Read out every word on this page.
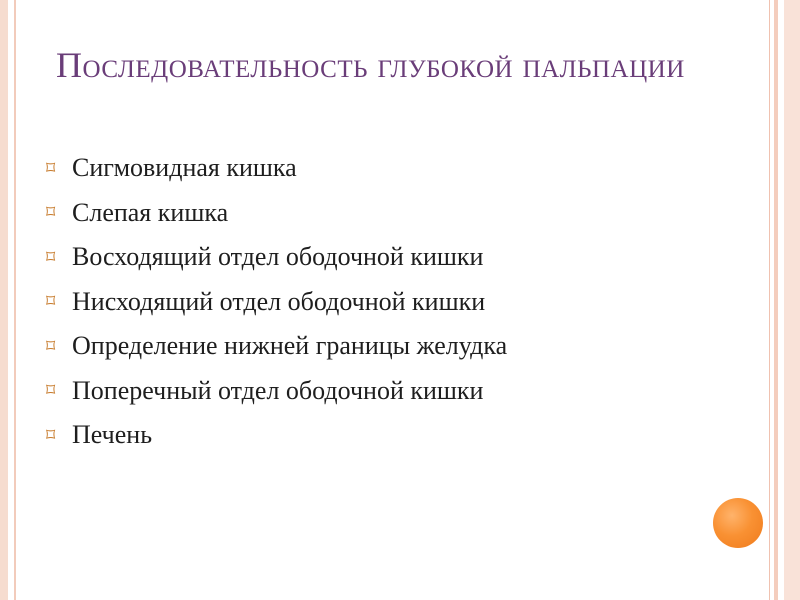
Последовательность глубокой пальпации
⌑ Сигмовидная кишка
⌑ Слепая кишка
⌑ Восходящий отдел ободочной кишки
⌑ Нисходящий отдел ободочной кишки
⌑ Определение нижней границы желудка
⌑ Поперечный отдел ободочной кишки
⌑ Печень
